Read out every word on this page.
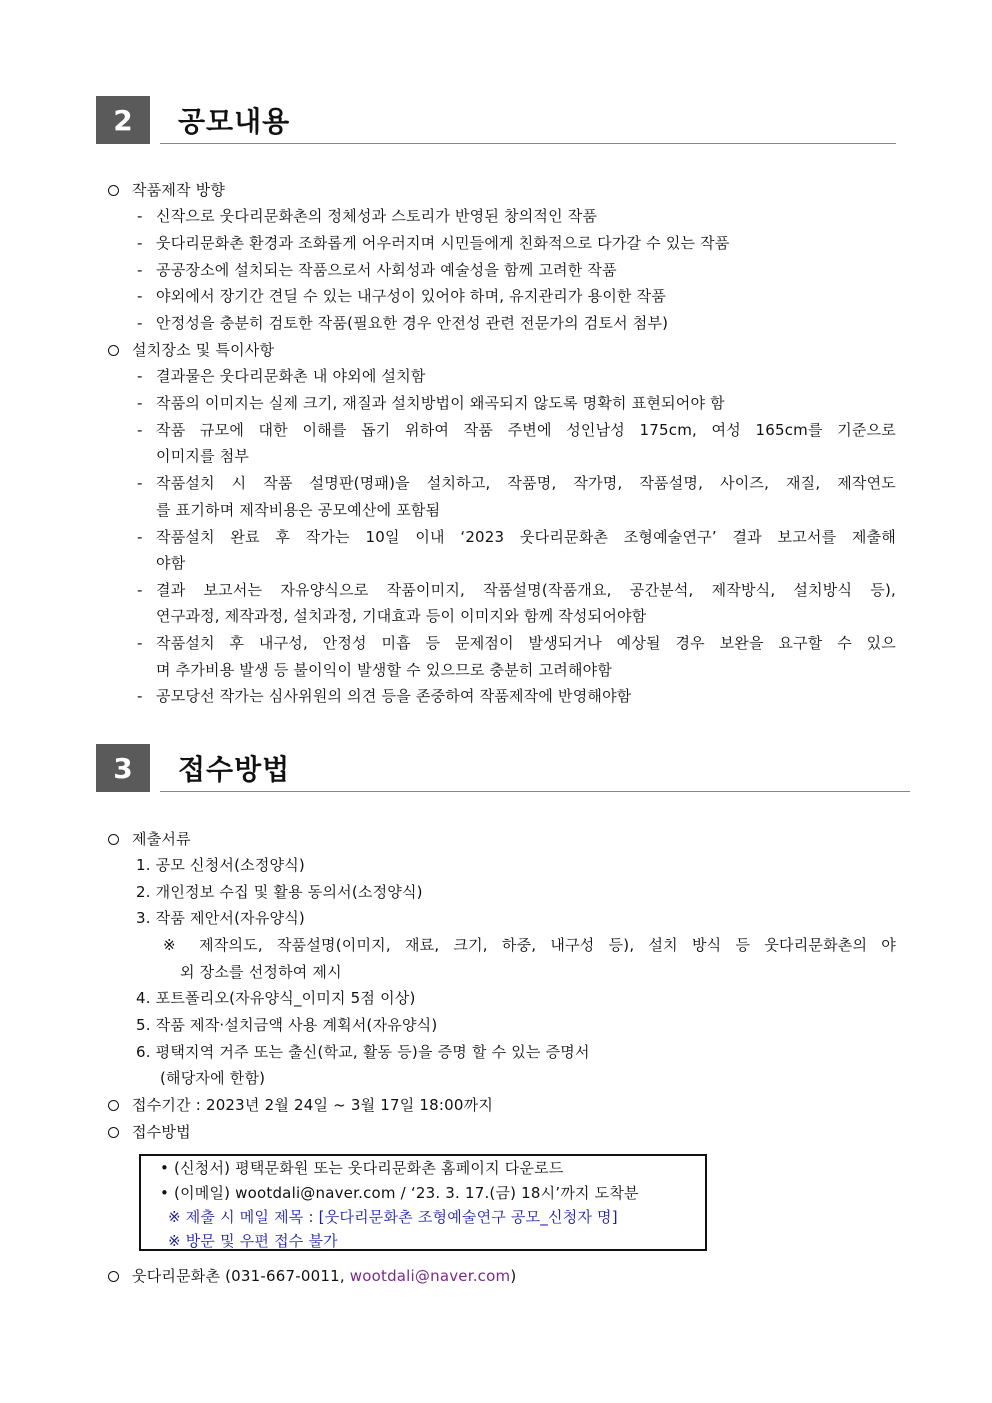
2	공모내용
작품제작 방향
- 신작으로 웃다리문화촌의 정체성과 스토리가 반영된 창의적인 작품
- 웃다리문화촌 환경과 조화롭게 어우러지며 시민들에게 친화적으로 다가갈 수 있는 작품
- 공공장소에 설치되는 작품으로서 사회성과 예술성을 함께 고려한 작품
- 야외에서 장기간 견딜 수 있는 내구성이 있어야 하며, 유지관리가 용이한 작품
- 안정성을 충분히 검토한 작품(필요한 경우 안전성 관련 전문가의 검토서 첨부)
설치장소 및 특이사항
- 결과물은 웃다리문화촌 내 야외에 설치함
- 작품의 이미지는 실제 크기, 재질과 설치방법이 왜곡되지 않도록 명확히 표현되어야 함
- 작품 규모에 대한 이해를 돕기 위하여 작품 주변에 성인남성 175cm, 여성 165cm를 기준으로
이미지를 첨부
- 작품설치 시 작품 설명판(명패)을 설치하고, 작품명, 작가명, 작품설명, 사이즈, 재질, 제작연도
를 표기하며 제작비용은 공모예산에 포함됨
- 작품설치 완료 후 작가는 10일 이내 ‘2023 웃다리문화촌 조형예술연구’ 결과 보고서를 제출해
야함
- 결과 보고서는 자유양식으로 작품이미지, 작품설명(작품개요, 공간분석, 제작방식, 설치방식 등),
연구과정, 제작과정, 설치과정, 기대효과 등이 이미지와 함께 작성되어야함
- 작품설치 후 내구성, 안정성 미흡 등 문제점이 발생되거나 예상될 경우 보완을 요구할 수 있으
며 추가비용 발생 등 불이익이 발생할 수 있으므로 충분히 고려해야함
- 공모당선 작가는 심사위원의 의견 등을 존중하여 작품제작에 반영해야함
3	접수방법
제출서류
1. 공모 신청서(소정양식)
2. 개인정보 수집 및 활용 동의서(소정양식)
3. 작품 제안서(자유양식)
※ 제작의도, 작품설명(이미지, 재료, 크기, 하중, 내구성 등), 설치 방식 등 웃다리문화촌의 야
외 장소를 선정하여 제시
4. 포트폴리오(자유양식_이미지 5점 이상)
5. 작품 제작·설치금액 사용 계획서(자유양식)
6. 평택지역 거주 또는 출신(학교, 활동 등)을 증명 할 수 있는 증명서
(해당자에 한함)
접수기간 : 2023년 2월 24일 ~ 3월 17일 18:00까지
접수방법
• (신청서) 평택문화원 또는 웃다리문화촌 홈페이지 다운로드
• (이메일) wootdali@naver.com / ‘23. 3. 17.(금) 18시’까지 도착분
※ 제출 시 메일 제목 : [웃다리문화촌 조형예술연구 공모_신청자 명]
※ 방문 및 우편 접수 불가
웃다리문화촌 (031-667-0011, wootdali@naver.com)
